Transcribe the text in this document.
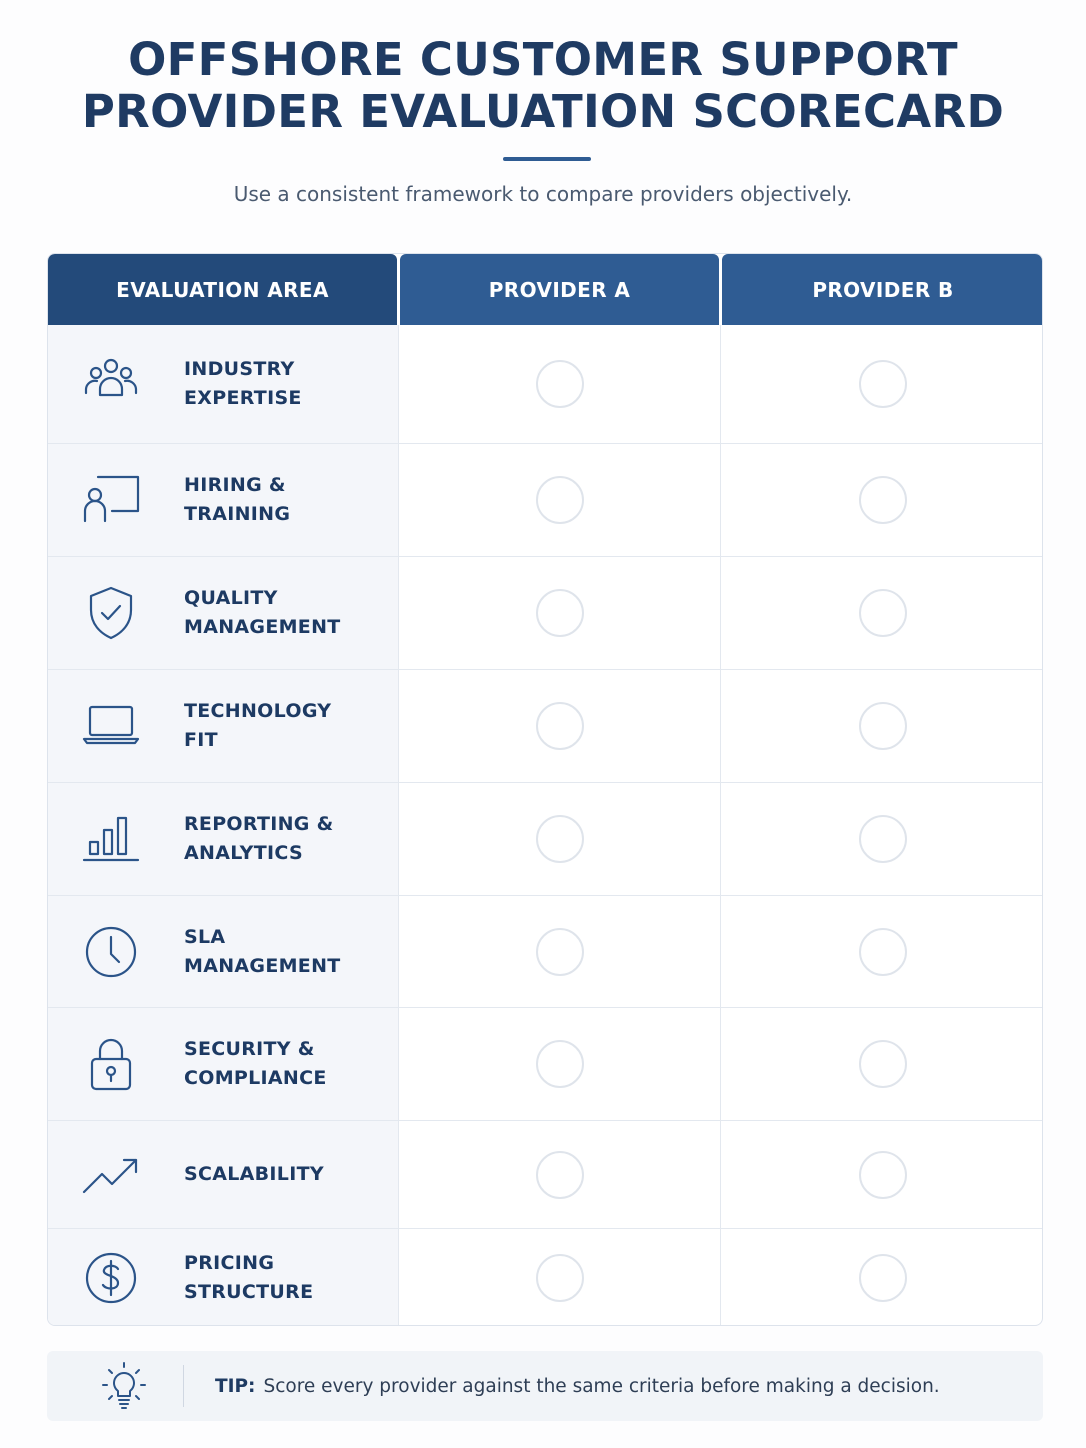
OFFSHORE CUSTOMER SUPPORT
PROVIDER EVALUATION SCORECARD
Use a consistent framework to compare providers objectively.
EVALUATION AREA	PROVIDER A	PROVIDER B
INDUSTRY
EXPERTISE
HIRING &
TRAINING
QUALITY
MANAGEMENT
TECHNOLOGY
FIT
REPORTING &
ANALYTICS
SLA
MANAGEMENT
SECURITY &
COMPLIANCE
SCALABILITY
PRICING
STRUCTURE
TIP: Score every provider against the same criteria before making a decision.
